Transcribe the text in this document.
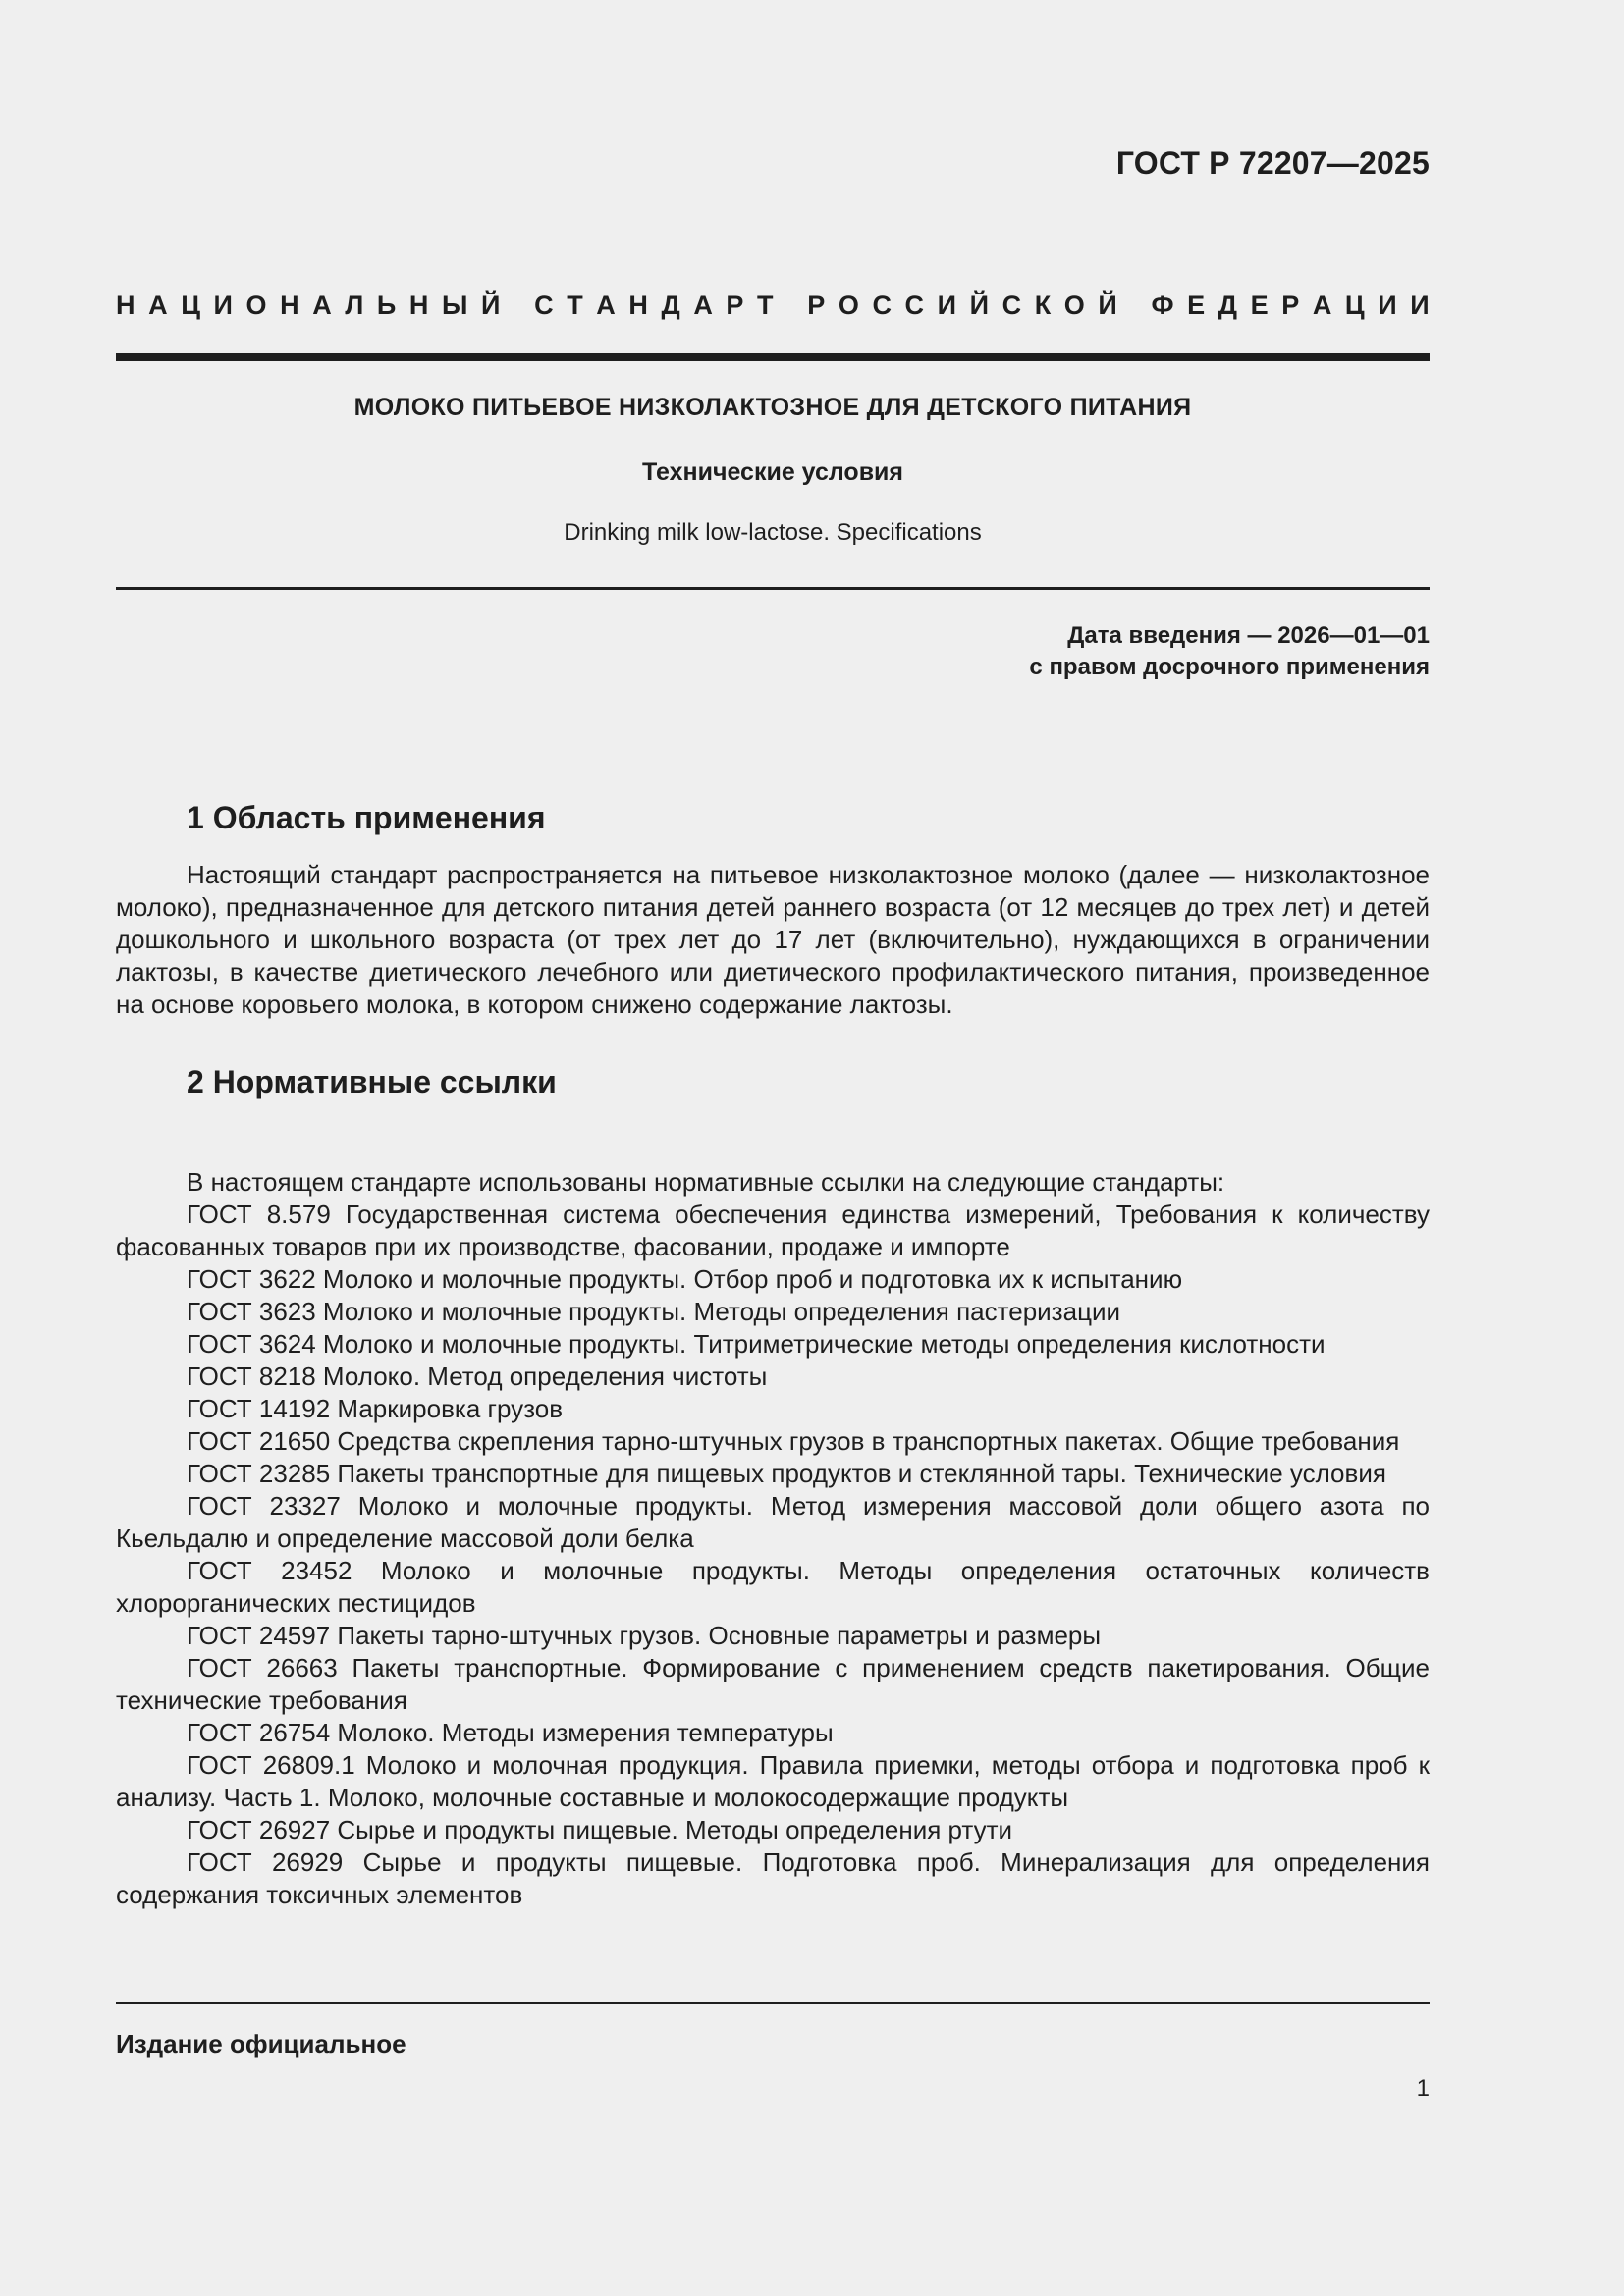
ГОСТ Р 72207—2025
Н А Ц И О Н А Л Ь Н Ы Й
С Т А Н Д А Р Т
Р О С С И Й С К О Й
Ф Е Д Е Р А Ц И И
МОЛОКО ПИТЬЕВОЕ НИЗКОЛАКТОЗНОЕ ДЛЯ ДЕТСКОГО ПИТАНИЯ
Технические условия
Drinking milk low-lactose. Specifications
Дата введения — 2026—01—01
с правом досрочного применения
1 Область применения

Настоящий стандарт распространяется на питьевое низколактозное молоко (далее — низколактозное молоко), предназначенное для детского питания детей раннего возраста (от 12 месяцев до трех лет) и детей дошкольного и школьного возраста (от трех лет до 17 лет (включительно), нуждающихся в ограничении лактозы, в качестве диетического лечебного или диетического профилактического питания, произведенное на основе коровьего молока, в котором снижено содержание лактозы.

2 Нормативные ссылки

В настоящем стандарте использованы нормативные ссылки на следующие стандарты:

ГОСТ 8.579 Государственная система обеспечения единства измерений, Требования к количеству фасованных товаров при их производстве, фасовании, продаже и импорте

ГОСТ 3622 Молоко и молочные продукты. Отбор проб и подготовка их к испытанию

ГОСТ 3623 Молоко и молочные продукты. Методы определения пастеризации

ГОСТ 3624 Молоко и молочные продукты. Титриметрические методы определения кислотности

ГОСТ 8218 Молоко. Метод определения чистоты

ГОСТ 14192 Маркировка грузов

ГОСТ 21650 Средства скрепления тарно-штучных грузов в транспортных пакетах. Общие требования

ГОСТ 23285 Пакеты транспортные для пищевых продуктов и стеклянной тары. Технические условия

ГОСТ 23327 Молоко и молочные продукты. Метод измерения массовой доли общего азота по Кьельдалю и определение массовой доли белка

ГОСТ 23452 Молоко и молочные продукты. Методы определения остаточных количеств хлорорганических пестицидов

ГОСТ 24597 Пакеты тарно-штучных грузов. Основные параметры и размеры

ГОСТ 26663 Пакеты транспортные. Формирование с применением средств пакетирования. Общие технические требования

ГОСТ 26754 Молоко. Методы измерения температуры

ГОСТ 26809.1 Молоко и молочная продукция. Правила приемки, методы отбора и подготовка проб к анализу. Часть 1. Молоко, молочные составные и молокосодержащие продукты

ГОСТ 26927 Сырье и продукты пищевые. Методы определения ртути

ГОСТ 26929 Сырье и продукты пищевые. Подготовка проб. Минерализация для определения содержания токсичных элементов

Издание официальное
1
